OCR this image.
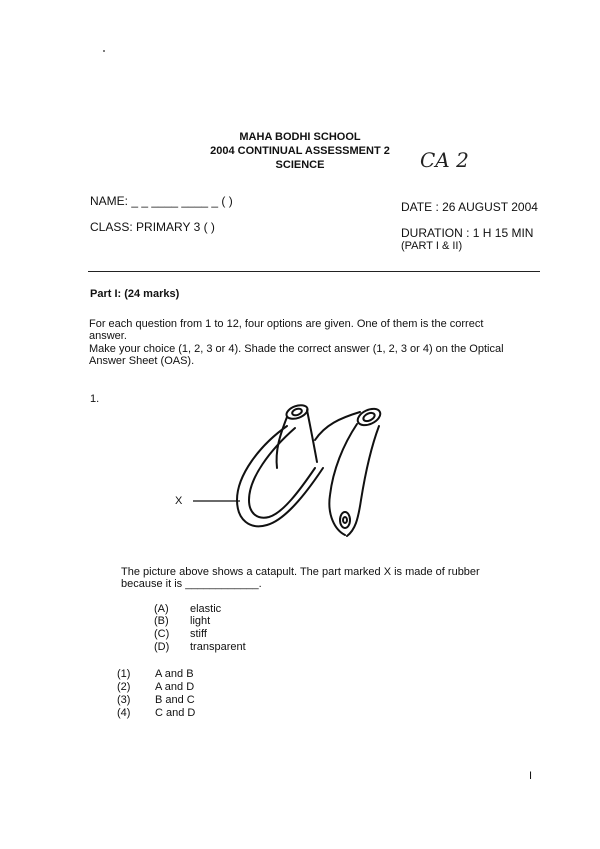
MAHA BODHI SCHOOL
2004 CONTINUAL ASSESSMENT 2
SCIENCE	CA 2
NAME: _ _ ____ ____ _ ( )	DATE : 26 AUGUST 2004
CLASS: PRIMARY 3 ( )	DURATION : 1 H 15 MIN
(PART I & II)
Part I: (24 marks)
For each question from 1 to 12, four options are given. One of them is the correct answer.
Make your choice (1, 2, 3 or 4). Shade the correct answer (1, 2, 3 or 4) on the Optical Answer Sheet (OAS).
1.
X
The picture above shows a catapult. The part marked X is made of rubber
because it is ____________.
(A)	elastic
(B)	light
(C)	stiff
(D)	transparent
(1)	A and B
(2)	A and D
(3)	B and C
(4)	C and D
I
